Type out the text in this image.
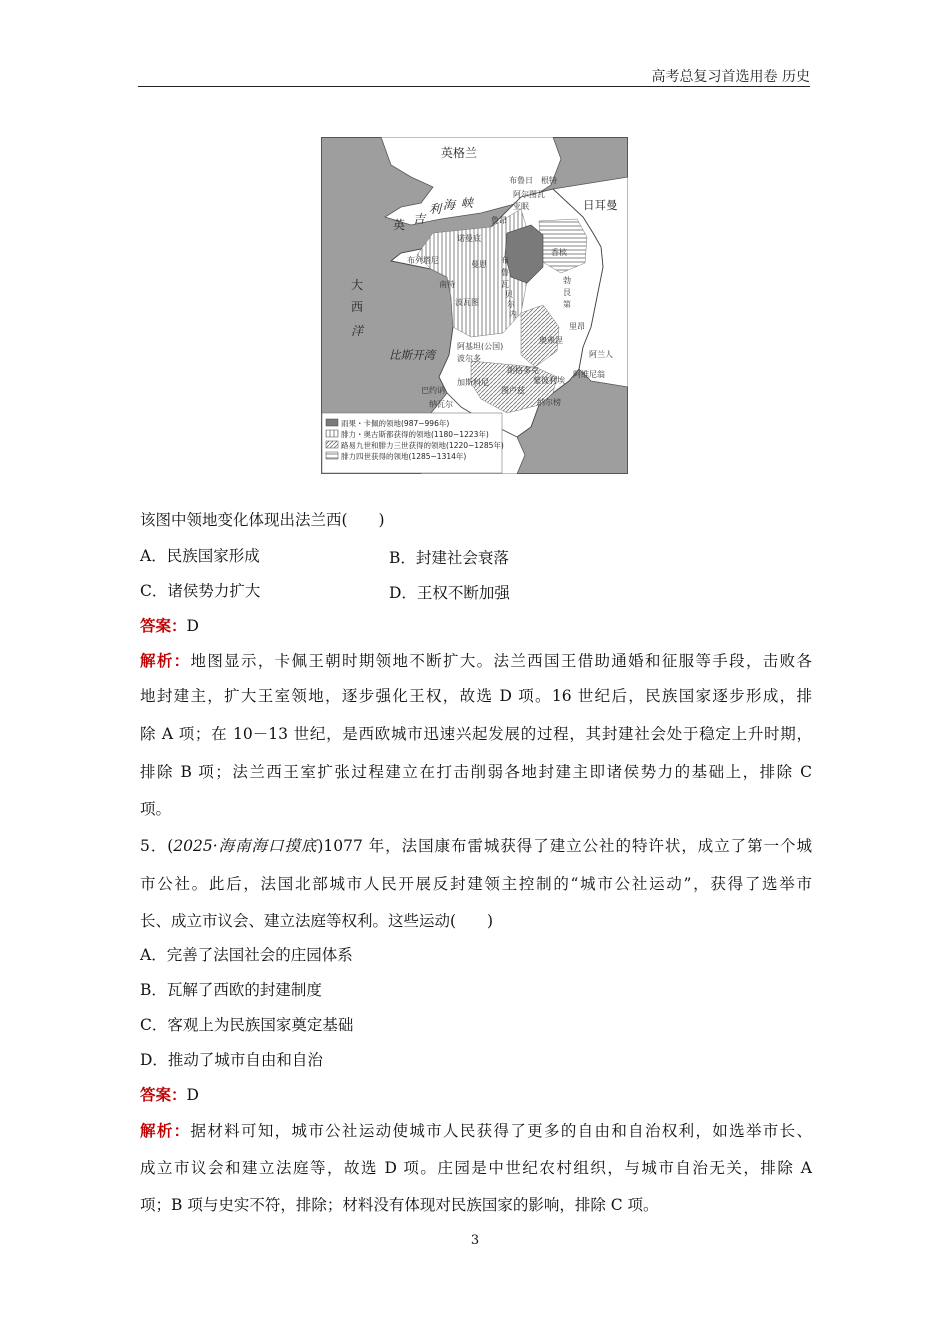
高考总复习首选用卷 历史
英格兰
英 吉
利 海 峡
大
西
洋
比斯开湾
日耳曼
布鲁日 根特
阿尔图瓦
亚眠
鲁昂
诺曼底
布列塔尼	曼恩
南特
波瓦图
布
鲁
瓦
香槟
勃
艮
第
贝
尔
内
里昂
阿兰人
阿基坦(公国)
波尔多
奥弗涅
加斯科尼
图卢兹
朗格多克
蒙彼利埃
阿维尼翁
巴约讷
纳瓦尔	纳尔榜
雨果・卡佩的领地(987−996年)
腓力・奥古斯都获得的领地(1180−1223年)
路易九世和腓力三世获得的领地(1220−1285年)
腓力四世获得的领地(1285−1314年)
该图中领地变化体现出法兰西(　　)
A．民族国家形成	B．封建社会衰落
C．诸侯势力扩大	D．王权不断加强
答案：D
解析：地图显示，卡佩王朝时期领地不断扩大。法兰西国王借助通婚和征服等手段，击败各
地封建主，扩大王室领地，逐步强化王权，故选 D 项。16 世纪后，民族国家逐步形成，排
除 A 项；在 10－13 世纪，是西欧城市迅速兴起发展的过程，其封建社会处于稳定上升时期，
排除 B 项；法兰西王室扩张过程建立在打击削弱各地封建主即诸侯势力的基础上，排除 C
项。
5．(2025·海南海口摸底)1077 年，法国康布雷城获得了建立公社的特许状，成立了第一个城
市公社。此后，法国北部城市人民开展反封建领主控制的“城市公社运动”，获得了选举市
长、成立市议会、建立法庭等权利。这些运动(　　)
A．完善了法国社会的庄园体系
B．瓦解了西欧的封建制度
C．客观上为民族国家奠定基础
D．推动了城市自由和自治
答案：D
解析：据材料可知，城市公社运动使城市人民获得了更多的自由和自治权利，如选举市长、
成立市议会和建立法庭等，故选 D 项。庄园是中世纪农村组织，与城市自治无关，排除 A
项；B 项与史实不符，排除；材料没有体现对民族国家的影响，排除 C 项。
3
